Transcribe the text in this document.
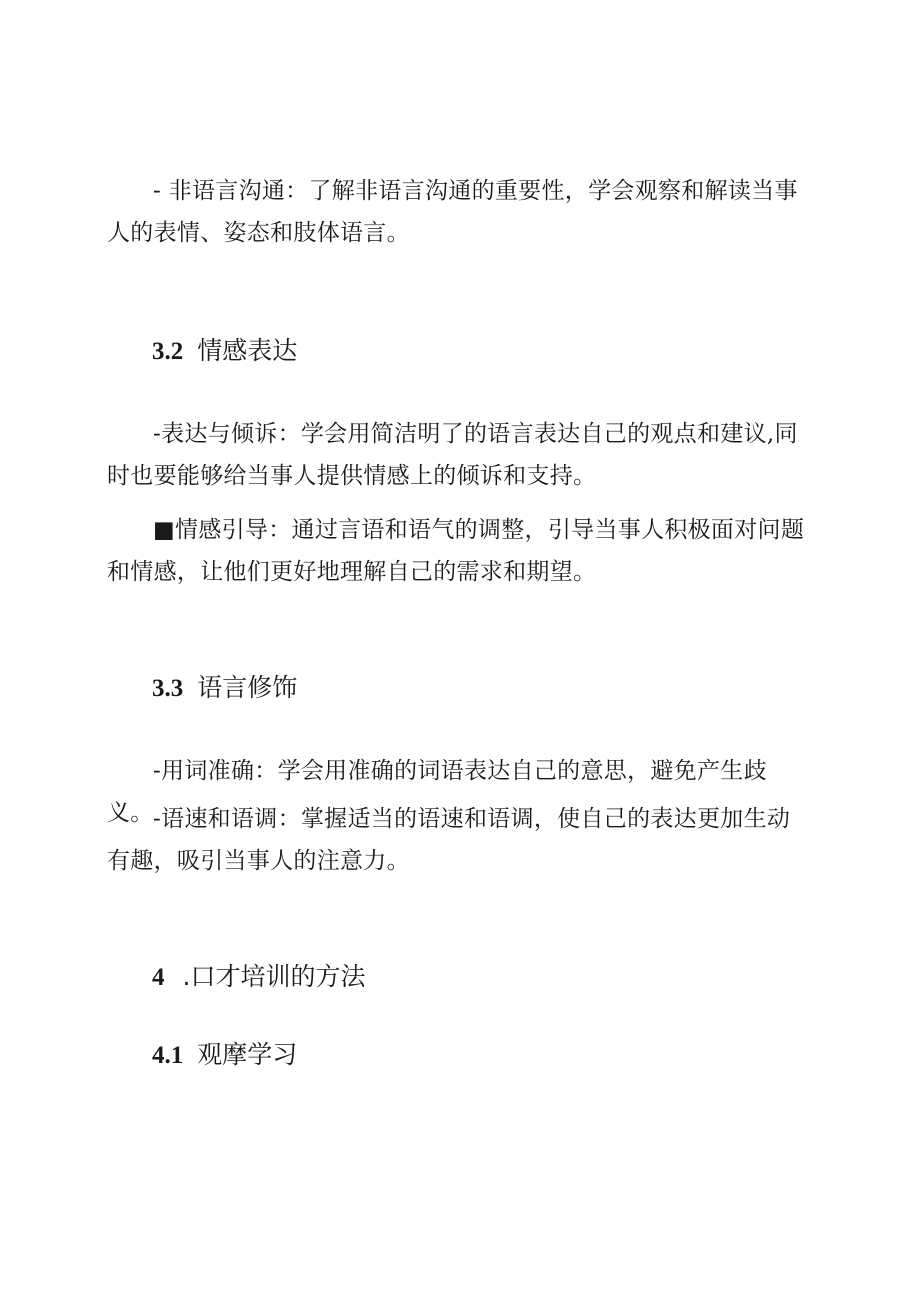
- 非语言沟通：了解非语言沟通的重要性，学会观察和解读当事人的表情、姿态和肢体语言。

3.2 情感表达

-表达与倾诉：学会用简洁明了的语言表达自己的观点和建议,同时也要能够给当事人提供情感上的倾诉和支持。

■情感引导：通过言语和语气的调整，引导当事人积极面对问题和情感，让他们更好地理解自己的需求和期望。

3.3 语言修饰

-用词准确：学会用准确的词语表达自己的意思，避免产生歧义。 -语速和语调：掌握适当的语速和语调，使自己的表达更加生动有趣，吸引当事人的注意力。

4 .口才培训的方法
4.1 观摩学习
